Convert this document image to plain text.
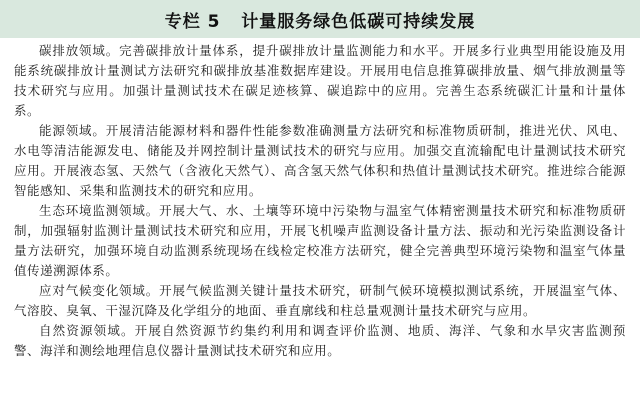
专栏 5   计量服务绿色低碳可持续发展

碳排放领域。完善碳排放计量体系，提升碳排放计量监测能力和水平。开展多行业典型用能设施及用能系统碳排放计量测试方法研究和碳排放基准数据库建设。开展用电信息推算碳排放量、烟气排放测量等技术研究与应用。加强计量测试技术在碳足迹核算、碳追踪中的应用。完善生态系统碳汇计量和计量体系。

能源领域。开展清洁能源材料和器件性能参数准确测量方法研究和标准物质研制，推进光伏、风电、水电等清洁能源发电、储能及并网控制计量测试技术的研究与应用。加强交直流输配电计量测试技术研究应用。开展液态氢、天然气（含液化天然气）、高含氢天然气体积和热值计量测试技术研究。推进综合能源智能感知、采集和监测技术的研究和应用。

生态环境监测领域。开展大气、水、土壤等环境中污染物与温室气体精密测量技术研究和标准物质研制，加强辐射监测计量测试技术研究和应用，开展飞机噪声监测设备计量方法、振动和光污染监测设备计量方法研究，加强环境自动监测系统现场在线检定校准方法研究，健全完善典型环境污染物和温室气体量值传递溯源体系。

应对气候变化领域。开展气候监测关键计量技术研究，研制气候环境模拟测试系统，开展温室气体、气溶胶、臭氧、干湿沉降及化学组分的地面、垂直廓线和柱总量观测计量技术研究与应用。

自然资源领域。开展自然资源节约集约利用和调查评价监测、地质、海洋、气象和水旱灾害监测预警、海洋和测绘地理信息仪器计量测试技术研究和应用。
